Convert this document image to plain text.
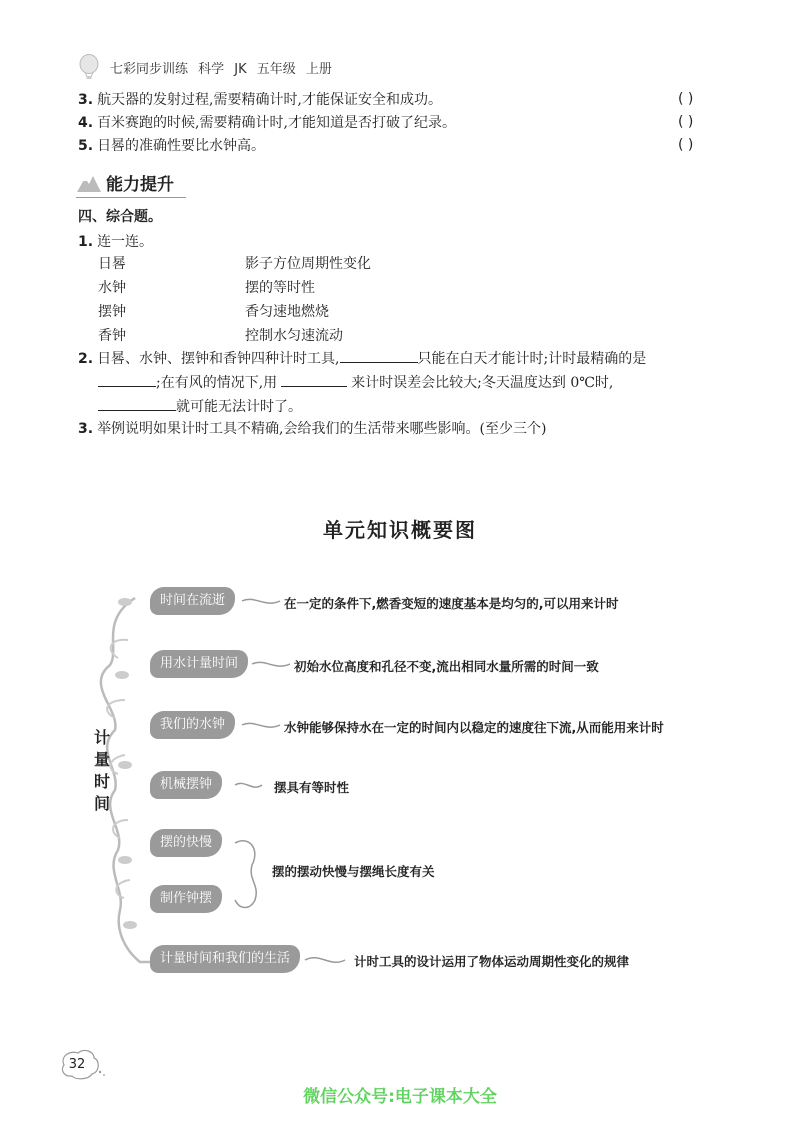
七彩同步训练 科学 JK 五年级 上册
3. 航天器的发射过程,需要精确计时,才能保证安全和成功。	( )
4. 百米赛跑的时候,需要精确计时,才能知道是否打破了纪录。	( )
5. 日晷的准确性要比水钟高。	( )
能力提升
四、综合题。
1. 连一连。
日晷	影子方位周期性变化
水钟	摆的等时性
摆钟	香匀速地燃烧
香钟	控制水匀速流动
2. 日晷、水钟、摆钟和香钟四种计时工具,	只能在白天才能计时;计时最精确的是
;在有风的情况下,用	来计时误差会比较大;冬天温度达到 0℃时,
就可能无法计时了。
3. 举例说明如果计时工具不精确,会给我们的生活带来哪些影响。(至少三个)
单元知识概要图
计
量
时
间
时间在流逝
用水计量时间
我们的水钟
机械摆钟
摆的快慢
制作钟摆
计量时间和我们的生活
在一定的条件下,燃香变短的速度基本是均匀的,可以用来计时
初始水位高度和孔径不变,流出相同水量所需的时间一致
水钟能够保持水在一定的时间内以稳定的速度往下流,从而能用来计时
摆具有等时性
摆的摆动快慢与摆绳长度有关
计时工具的设计运用了物体运动周期性变化的规律
32
微信公众号:电子课本大全
